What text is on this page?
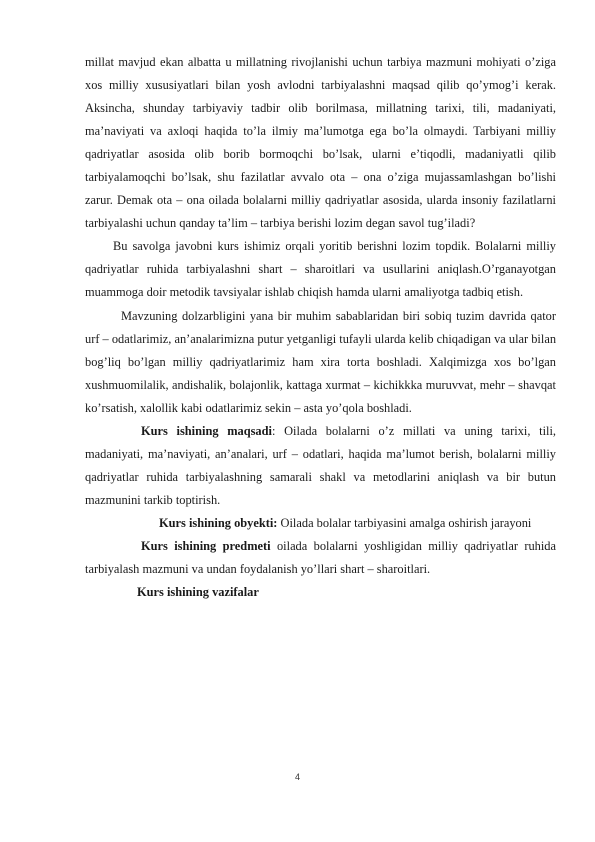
millat mavjud ekan albatta u millatning rivojlanishi uchun tarbiya mazmuni mohiyati o’ziga xos milliy xususiyatlari bilan yosh avlodni tarbiyalashni maqsad qilib qo’ymog’i kerak. Aksincha, shunday tarbiyaviy tadbir olib borilmasa, millatning tarixi, tili, madaniyati, ma’naviyati va axloqi haqida to’la ilmiy ma’lumotga ega bo’la olmaydi. Tarbiyani milliy qadriyatlar asosida olib borib bormoqchi bo’lsak, ularni e’tiqodli, madaniyatli qilib tarbiyalamoqchi bo’lsak, shu fazilatlar avvalo ota – ona o’ziga mujassamlashgan bo’lishi zarur. Demak ota – ona oilada bolalarni milliy qadriyatlar asosida, ularda insoniy fazilatlarni tarbiyalashi uchun qanday ta’lim – tarbiya berishi lozim degan savol tug’iladi?

Bu savolga javobni kurs ishimiz orqali yoritib berishni lozim topdik. Bolalarni milliy qadriyatlar ruhida tarbiyalashni shart – sharoitlari va usullarini aniqlash.O’rganayotgan muammoga doir metodik tavsiyalar ishlab chiqish hamda ularni amaliyotga tadbiq etish.

Mavzuning dolzarbligini yana bir muhim sabablaridan biri sobiq tuzim davrida qator urf – odatlarimiz, an’analarimizna putur yetganligi tufayli ularda kelib chiqadigan va ular bilan bog’liq bo’lgan milliy qadriyatlarimiz ham xira torta boshladi. Xalqimizga xos bo’lgan xushmuomilalik, andishalik, bolajonlik, kattaga xurmat – kichikkka muruvvat, mehr – shavqat ko’rsatish, xalollik kabi odatlarimiz sekin – asta yo’qola boshladi.

Kurs ishining maqsadi: Oilada bolalarni o’z millati va uning tarixi, tili, madaniyati, ma’naviyati, an’analari, urf – odatlari, haqida ma’lumot berish, bolalarni milliy qadriyatlar ruhida tarbiyalashning samarali shakl va metodlarini aniqlash va bir butun mazmunini tarkib toptirish.

Kurs ishining obyekti: Oilada bolalar tarbiyasini amalga oshirish jarayoni

Kurs ishining predmeti oilada bolalarni yoshligidan milliy qadriyatlar ruhida tarbiyalash mazmuni va undan foydalanish yo’llari shart – sharoitlari.

Kurs ishining vazifalar

4
